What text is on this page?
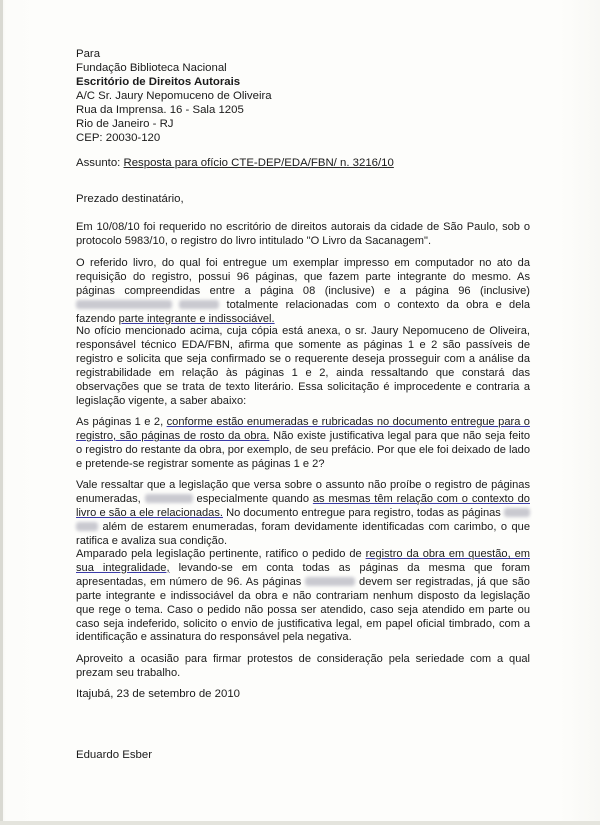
Para
Fundação Biblioteca Nacional
Escritório de Direitos Autorais
A/C Sr. Jaury Nepomuceno de Oliveira
Rua da Imprensa. 16 - Sala 1205
Rio de Janeiro - RJ
CEP: 20030-120
Assunto: Resposta para ofício CTE-DEP/EDA/FBN/ n. 3216/10
Prezado destinatário,
Em 10/08/10 foi requerido no escritório de direitos autorais da cidade de São Paulo, sob o protocolo 5983/10, o registro do livro intitulado "O Livro da Sacanagem".
O referido livro, do qual foi entregue um exemplar impresso em computador no ato da requisição do registro, possui 96 páginas, que fazem parte integrante do mesmo. As páginas compreendidas entre a página 08 (inclusive) e a página 96 (inclusive)   totalmente relacionadas com o contexto da obra e dela fazendo parte integrante e indissociável.
No ofício mencionado acima, cuja cópia está anexa, o sr. Jaury Nepomuceno de Oliveira, responsável técnico EDA/FBN, afirma que somente as páginas 1 e 2 são passíveis de registro e solicita que seja confirmado se o requerente deseja prosseguir com a análise da registrabilidade em relação às páginas 1 e 2, ainda ressaltando que constará das observações que se trata de texto literário. Essa solicitação é improcedente e contraria a legislação vigente, a saber abaixo:
As páginas 1 e 2, conforme estão enumeradas e rubricadas no documento entregue para o registro, são páginas de rosto da obra. Não existe justificativa legal para que não seja feito o registro do restante da obra, por exemplo, de seu prefácio. Por que ele foi deixado de lado e pretende-se registrar somente as páginas 1 e 2?
Vale ressaltar que a legislação que versa sobre o assunto não proíbe o registro de páginas enumeradas,	especialmente quando as mesmas têm relação com o contexto do livro e são a ele relacionadas. No documento entregue para registro, todas as páginas   além de estarem enumeradas, foram devidamente identificadas com carimbo, o que ratifica e avaliza sua condição.
Amparado pela legislação pertinente, ratifico o pedido de registro da obra em questão, em sua integralidade, levando-se em conta todas as páginas da mesma que foram apresentadas, em número de 96. As páginas	devem ser registradas, já que são parte integrante e indissociável da obra e não contrariam nenhum disposto da legislação que rege o tema. Caso o pedido não possa ser atendido, caso seja atendido em parte ou caso seja indeferido, solicito o envio de justificativa legal, em papel oficial timbrado, com a identificação e assinatura do responsável pela negativa.
Aproveito a ocasião para firmar protestos de consideração pela seriedade com a qual prezam seu trabalho.
Itajubá, 23 de setembro de 2010
Eduardo Esber
